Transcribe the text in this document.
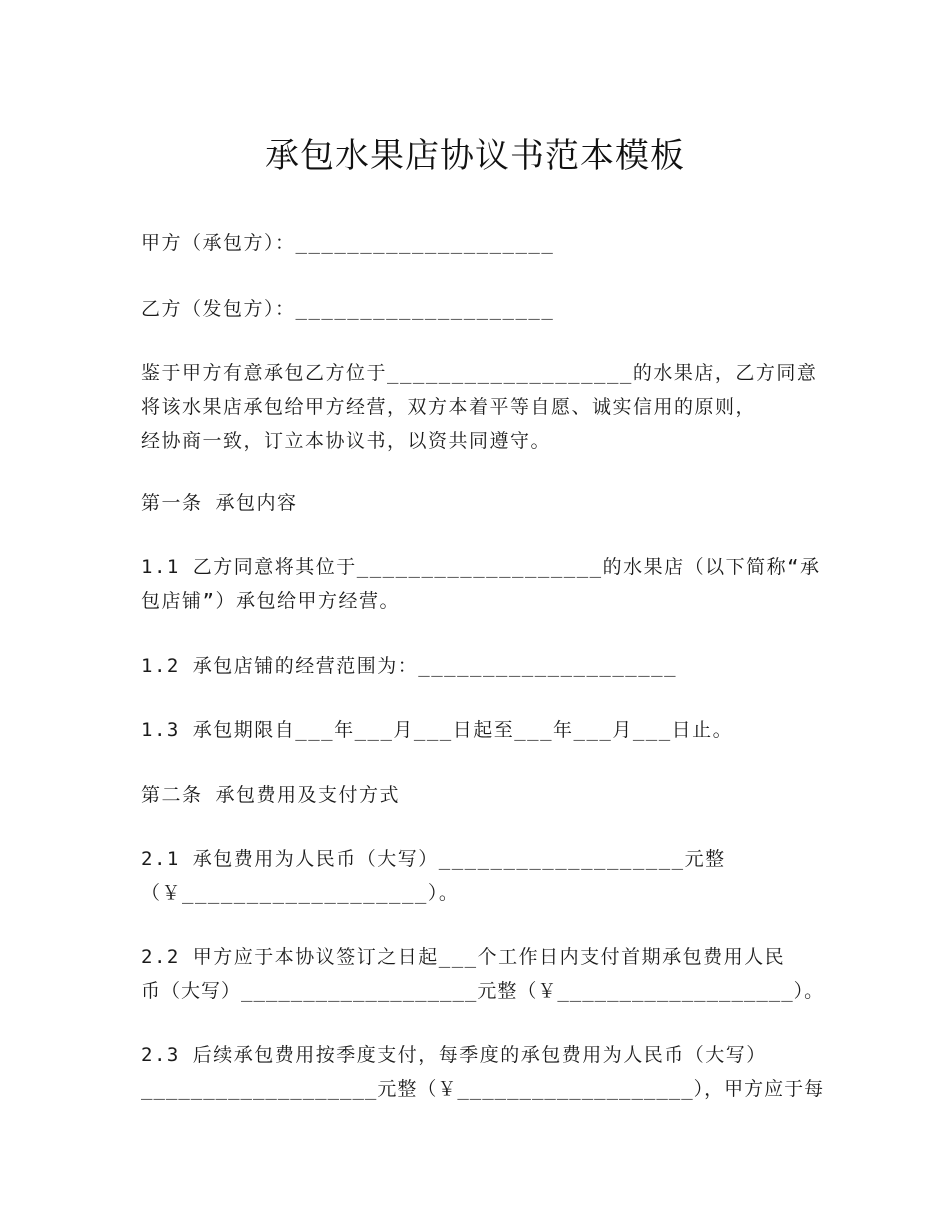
承包水果店协议书范本模板
甲方（承包方）：____________________
乙方（发包方）：____________________
鉴于甲方有意承包乙方位于___________________的水果店，乙方同意
将该水果店承包给甲方经营，双方本着平等自愿、诚实信用的原则，
经协商一致，订立本协议书，以资共同遵守。
第一条 承包内容
1.1 乙方同意将其位于___________________的水果店（以下简称“承
包店铺”）承包给甲方经营。
1.2 承包店铺的经营范围为：____________________
1.3 承包期限自___年___月___日起至___年___月___日止。
第二条 承包费用及支付方式
2.1 承包费用为人民币（大写）___________________元整
（￥___________________）。
2.2 甲方应于本协议签订之日起___个工作日内支付首期承包费用人民
币（大写）___________________元整（￥___________________）。
2.3 后续承包费用按季度支付，每季度的承包费用为人民币（大写）
___________________元整（￥___________________），甲方应于每
